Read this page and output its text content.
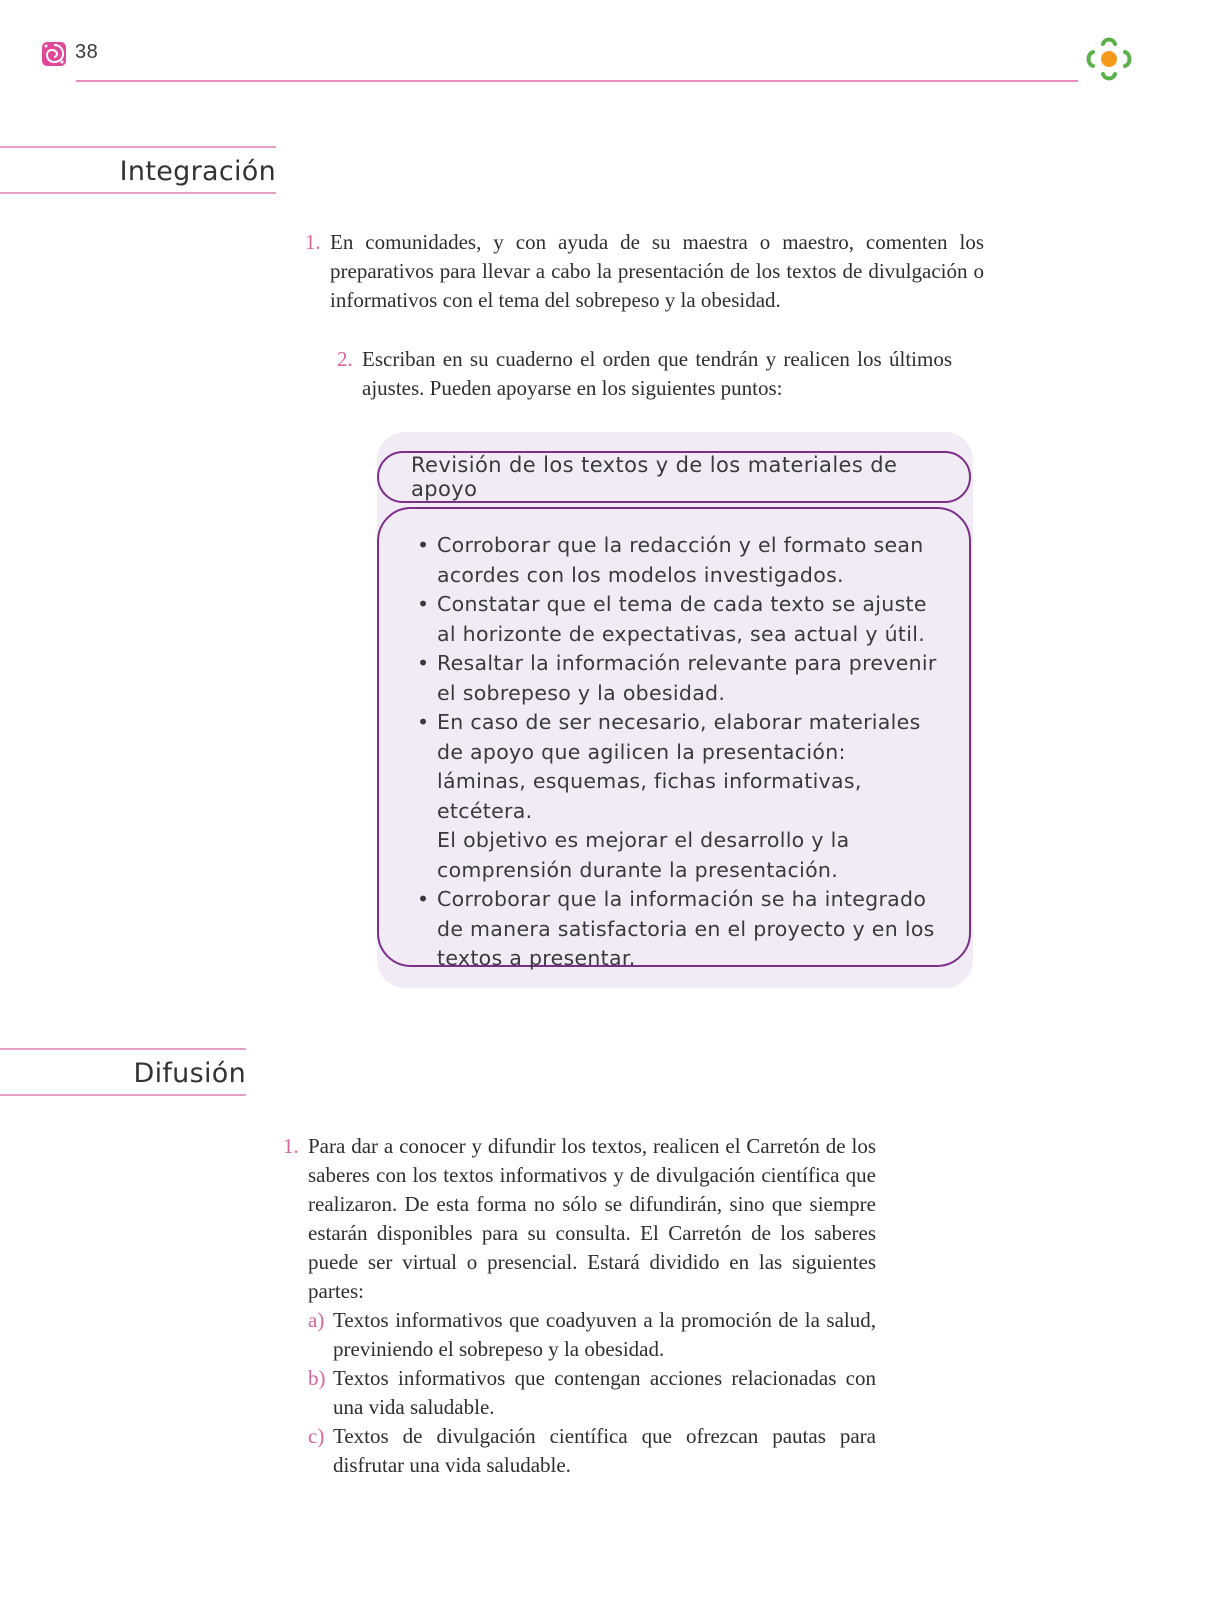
38
Integración
1. En comunidades, y con ayuda de su maestra o maestro, comenten los preparativos para llevar a cabo la presentación de los textos de divulgación o informativos con el tema del sobrepeso y la obesidad.
2. Escriban en su cuaderno el orden que tendrán y realicen los últimos ajustes. Pueden apoyarse en los siguientes puntos:
Revisión de los textos y de los materiales de apoyo
• Corroborar que la redacción y el formato sean acordes con los modelos investigados.
• Constatar que el tema de cada texto se ajuste al horizonte de expectativas, sea actual y útil.
• Resaltar la información relevante para prevenir el sobrepeso y la obesidad.
• En caso de ser necesario, elaborar materiales de apoyo que agilicen la presentación: láminas, esquemas, fichas informativas, etcétera.
El objetivo es mejorar el desarrollo y la comprensión durante la presentación.
• Corroborar que la información se ha integrado de manera satisfactoria en el proyecto y en los textos a presentar.
Difusión
1. Para dar a conocer y difundir los textos, realicen el Carretón de los saberes con los textos informativos y de divulgación científica que realizaron. De esta forma no sólo se difundirán, sino que siempre estarán disponibles para su consulta. El Carretón de los saberes puede ser virtual o presencial. Estará dividido en las siguientes partes:
a) Textos informativos que coadyuven a la promoción de la salud, previniendo el sobrepeso y la obesidad.
b) Textos informativos que contengan acciones relacionadas con una vida saludable.
c) Textos de divulgación científica que ofrezcan pautas para disfrutar una vida saludable.
